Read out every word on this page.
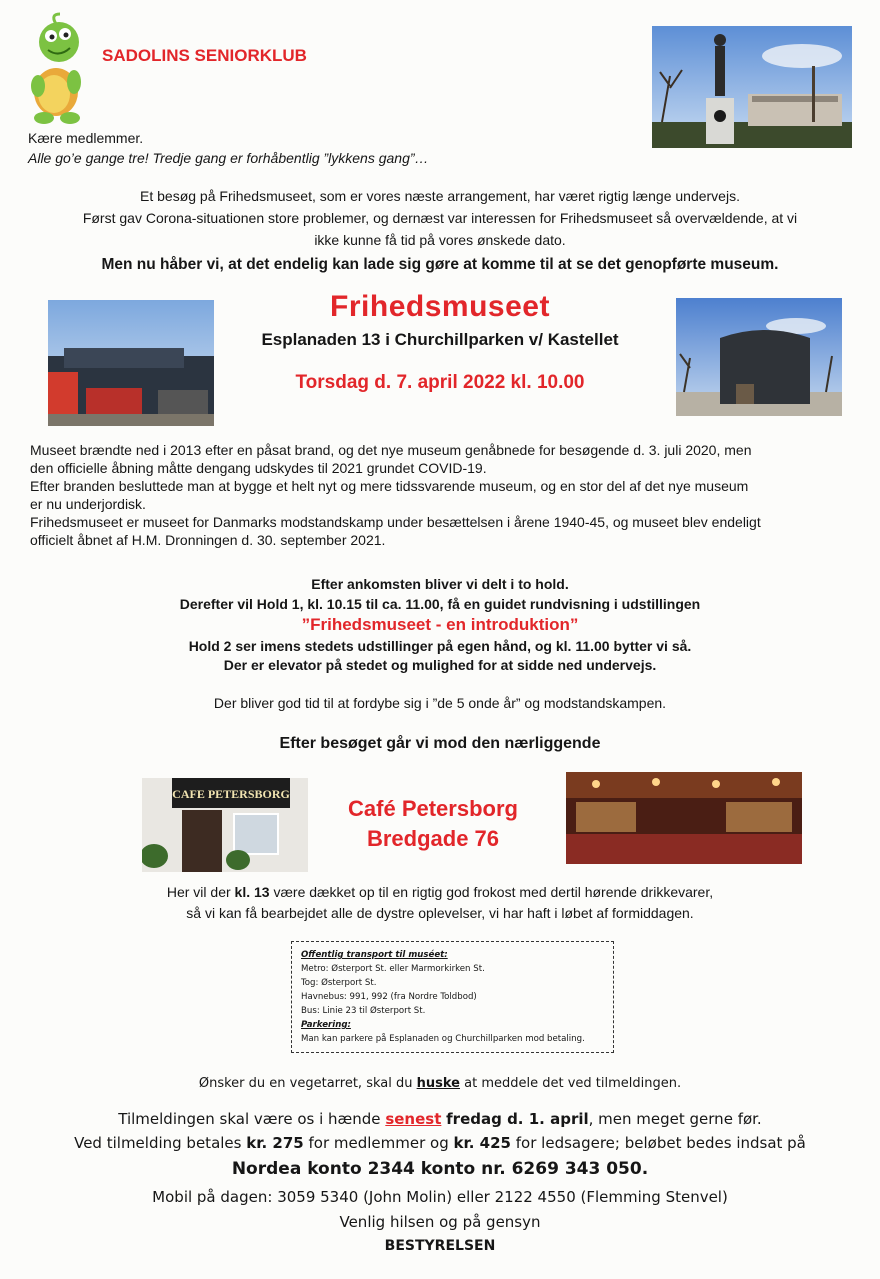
SADOLINS SENIORKLUB
Kære medlemmer.
Alle go’e gange tre! Tredje gang er forhåbentlig ”lykkens gang”…
Et besøg på Frihedsmuseet, som er vores næste arrangement, har været rigtig længe undervejs.
Først gav Corona-situationen store problemer, og dernæst var interessen for Frihedsmuseet så overvældende, at vi
ikke kunne få tid på vores ønskede dato.
Men nu håber vi, at det endelig kan lade sig gøre at komme til at se det genopførte museum.
Frihedsmuseet
Esplanaden 13 i Churchillparken v/ Kastellet
Torsdag d. 7. april 2022 kl. 10.00
Museet brændte ned i 2013 efter en påsat brand, og det nye museum genåbnede for besøgende d. 3. juli 2020, men
den officielle åbning måtte dengang udskydes til 2021 grundet COVID-19.
Efter branden besluttede man at bygge et helt nyt og mere tidssvarende museum, og en stor del af det nye museum
er nu underjordisk.
Frihedsmuseet er museet for Danmarks modstandskamp under besættelsen i årene 1940-45, og museet blev endeligt
officielt åbnet af H.M. Dronningen d. 30. september 2021.
Efter ankomsten bliver vi delt i to hold.
Derefter vil Hold 1, kl. 10.15 til ca. 11.00, få en guidet rundvisning i udstillingen
”Frihedsmuseet - en introduktion”
Hold 2 ser imens stedets udstillinger på egen hånd, og kl. 11.00 bytter vi så.
Der er elevator på stedet og mulighed for at sidde ned undervejs.
Der bliver god tid til at fordybe sig i ”de 5 onde år” og modstandskampen.
Efter besøget går vi mod den nærliggende
CAFE PETERSBORG
Café Petersborg
Bredgade 76
Her vil der kl. 13 være dækket op til en rigtig god frokost med dertil hørende drikkevarer,
så vi kan få bearbejdet alle de dystre oplevelser, vi har haft i løbet af formiddagen.
Offentlig transport til muséet:
Metro: Østerport St. eller Marmorkirken St.
Tog: Østerport St.
Havnebus: 991, 992 (fra Nordre Toldbod)
Bus: Linie 23 til Østerport St.
Parkering:
Man kan parkere på Esplanaden og Churchillparken mod betaling.
Ønsker du en vegetarret, skal du huske at meddele det ved tilmeldingen.
Tilmeldingen skal være os i hænde senest fredag d. 1. april, men meget gerne før.
Ved tilmelding betales kr. 275 for medlemmer og kr. 425 for ledsagere; beløbet bedes indsat på
Nordea konto 2344 konto nr. 6269 343 050.
Mobil på dagen: 3059 5340 (John Molin) eller 2122 4550 (Flemming Stenvel)
Venlig hilsen og på gensyn
BESTYRELSEN
